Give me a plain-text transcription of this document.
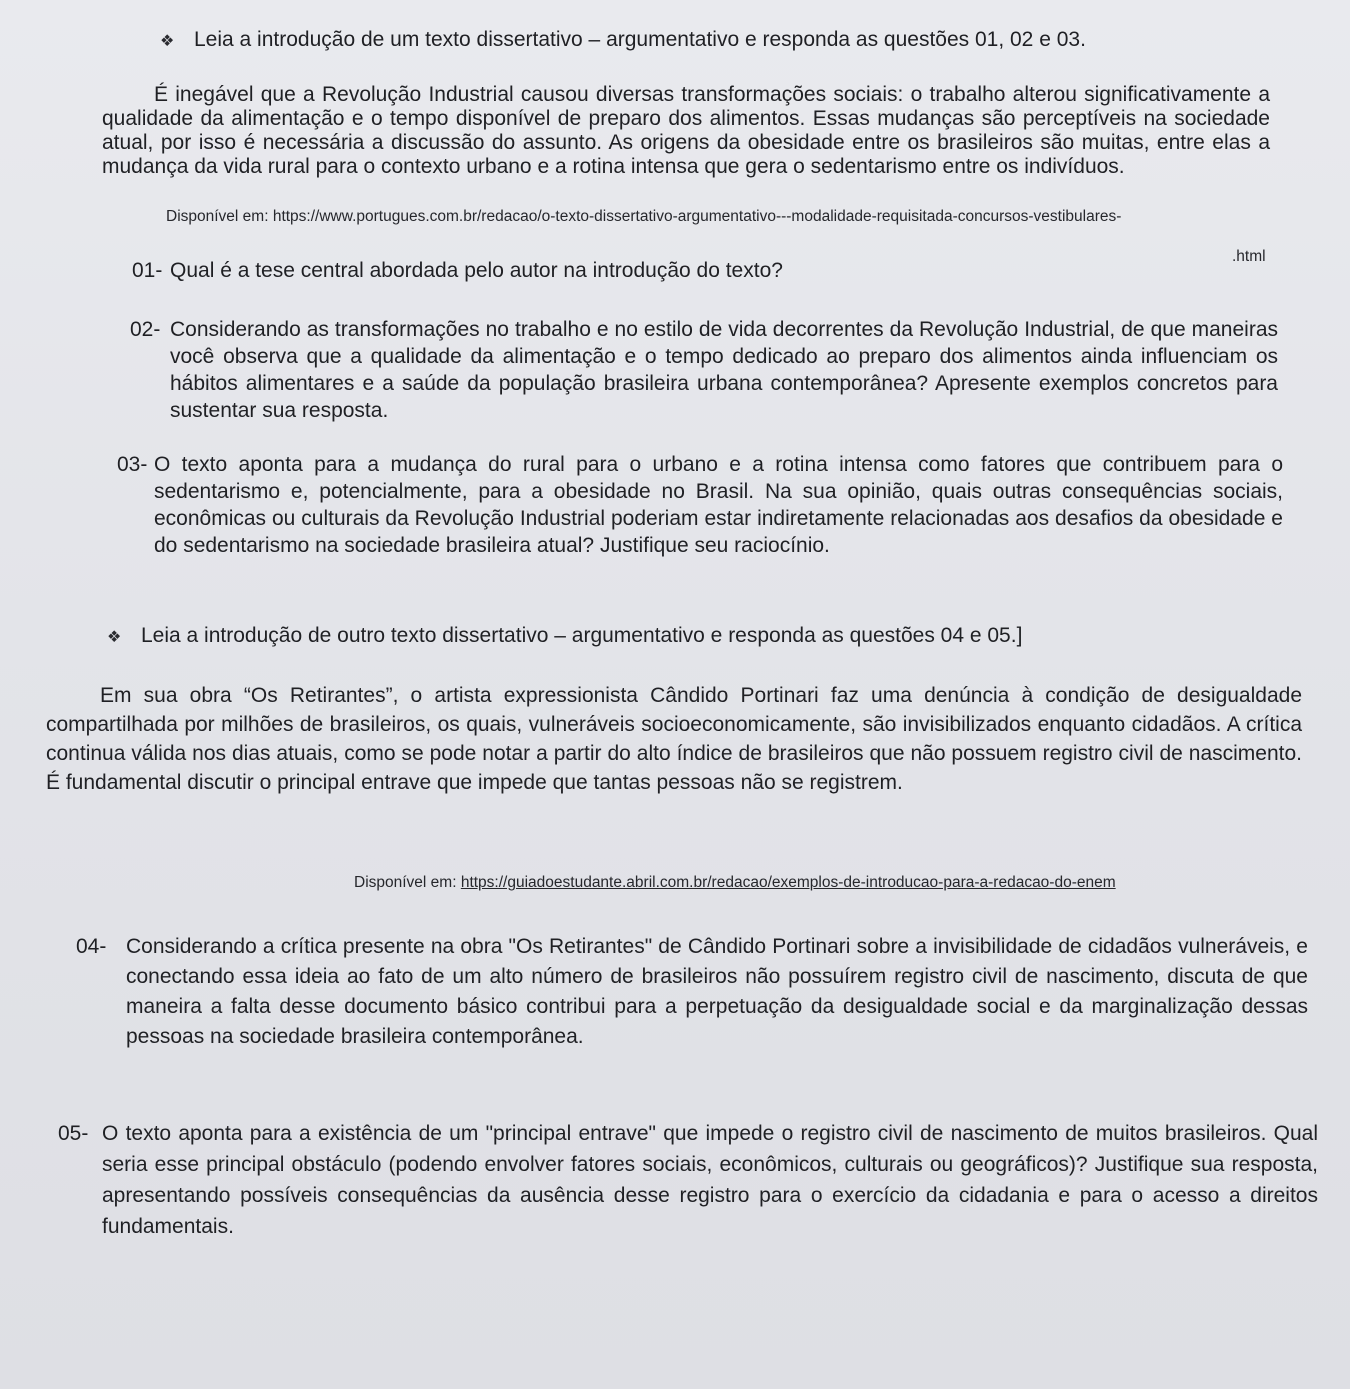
❖ Leia a introdução de um texto dissertativo – argumentativo e responda as questões 01, 02 e 03.
É inegável que a Revolução Industrial causou diversas transformações sociais: o trabalho alterou significativamente a qualidade da alimentação e o tempo disponível de preparo dos alimentos. Essas mudanças são perceptíveis na sociedade atual, por isso é necessária a discussão do assunto. As origens da obesidade entre os brasileiros são muitas, entre elas a mudança da vida rural para o contexto urbano e a rotina intensa que gera o sedentarismo entre os indivíduos.
Disponível em: https://www.portugues.com.br/redacao/o-texto-dissertativo-argumentativo---modalidade-requisitada-concursos-vestibulares-
.html
01- Qual é a tese central abordada pelo autor na introdução do texto?
02- Considerando as transformações no trabalho e no estilo de vida decorrentes da Revolução Industrial, de que maneiras você observa que a qualidade da alimentação e o tempo dedicado ao preparo dos alimentos ainda influenciam os hábitos alimentares e a saúde da população brasileira urbana contemporânea? Apresente exemplos concretos para sustentar sua resposta.
03- O texto aponta para a mudança do rural para o urbano e a rotina intensa como fatores que contribuem para o sedentarismo e, potencialmente, para a obesidade no Brasil. Na sua opinião, quais outras consequências sociais, econômicas ou culturais da Revolução Industrial poderiam estar indiretamente relacionadas aos desafios da obesidade e do sedentarismo na sociedade brasileira atual? Justifique seu raciocínio.
❖ Leia a introdução de outro texto dissertativo – argumentativo e responda as questões 04 e 05.]
Em sua obra “Os Retirantes”, o artista expressionista Cândido Portinari faz uma denúncia à condição de desigualdade compartilhada por milhões de brasileiros, os quais, vulneráveis socioeconomicamente, são invisibilizados enquanto cidadãos. A crítica continua válida nos dias atuais, como se pode notar a partir do alto índice de brasileiros que não possuem registro civil de nascimento. É fundamental discutir o principal entrave que impede que tantas pessoas não se registrem.
Disponível em: https://guiadoestudante.abril.com.br/redacao/exemplos-de-introducao-para-a-redacao-do-enem
04- Considerando a crítica presente na obra "Os Retirantes" de Cândido Portinari sobre a invisibilidade de cidadãos vulneráveis, e conectando essa ideia ao fato de um alto número de brasileiros não possuírem registro civil de nascimento, discuta de que maneira a falta desse documento básico contribui para a perpetuação da desigualdade social e da marginalização dessas pessoas na sociedade brasileira contemporânea.
05- O texto aponta para a existência de um "principal entrave" que impede o registro civil de nascimento de muitos brasileiros. Qual seria esse principal obstáculo (podendo envolver fatores sociais, econômicos, culturais ou geográficos)? Justifique sua resposta, apresentando possíveis consequências da ausência desse registro para o exercício da cidadania e para o acesso a direitos fundamentais.
